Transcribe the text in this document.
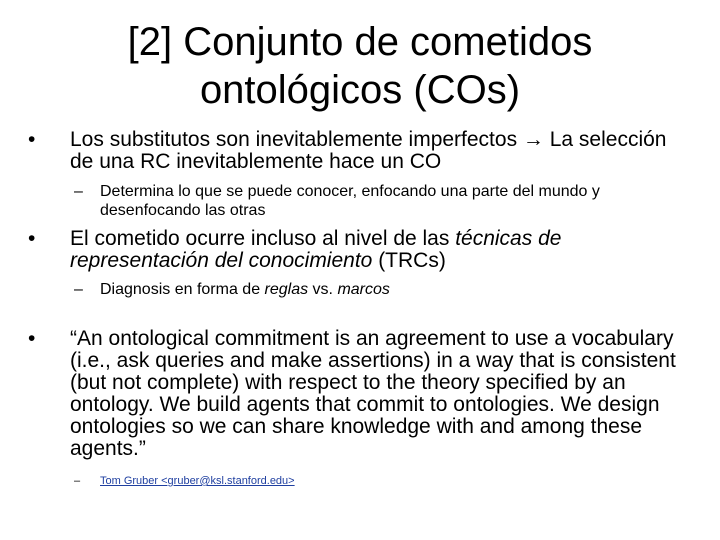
[2] Conjunto de cometidos
ontológicos (COs)
• Los substitutos son inevitablemente imperfectos → La selección de una RC inevitablemente hace un CO
– Determina lo que se puede conocer, enfocando una parte del mundo y desenfocando las otras
• El cometido ocurre incluso al nivel de las técnicas de representación del conocimiento (TRCs)
– Diagnosis en forma de reglas vs. marcos
• “An ontological commitment is an agreement to use a vocabulary (i.e., ask queries and make assertions) in a way that is consistent (but not complete) with respect to the theory specified by an ontology. We build agents that commit to ontologies. We design ontologies so we can share knowledge with and among these agents.”
– Tom Gruber <gruber@ksl.stanford.edu>
